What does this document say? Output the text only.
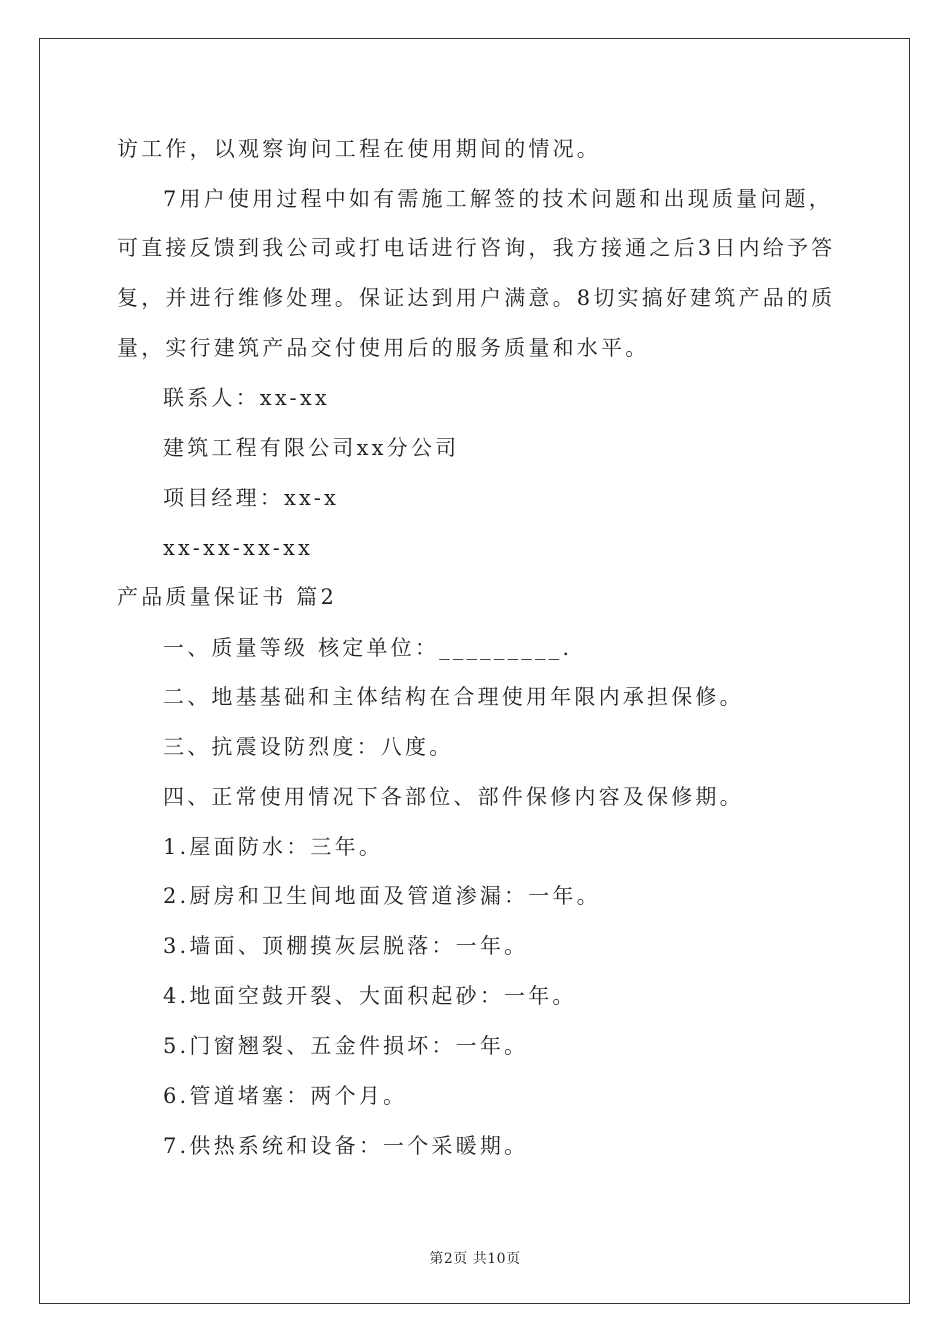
访工作，以观察询问工程在使用期间的情况。
7用户使用过程中如有需施工解签的技术问题和出现质量问题，
可直接反馈到我公司或打电话进行咨询，我方接通之后3日内给予答
复，并进行维修处理。保证达到用户满意。8切实搞好建筑产品的质
量，实行建筑产品交付使用后的服务质量和水平。
联系人：xx-xx
建筑工程有限公司xx分公司
项目经理：xx-x
xx-xx-xx-xx
产品质量保证书 篇2
一、质量等级 核定单位：_________.
二、地基基础和主体结构在合理使用年限内承担保修。
三、抗震设防烈度：八度。
四、正常使用情况下各部位、部件保修内容及保修期。
1.屋面防水：三年。
2.厨房和卫生间地面及管道渗漏：一年。
3.墙面、顶棚摸灰层脱落：一年。
4.地面空鼓开裂、大面积起砂：一年。
5.门窗翘裂、五金件损坏：一年。
6.管道堵塞：两个月。
7.供热系统和设备：一个采暖期。
第2页 共10页
